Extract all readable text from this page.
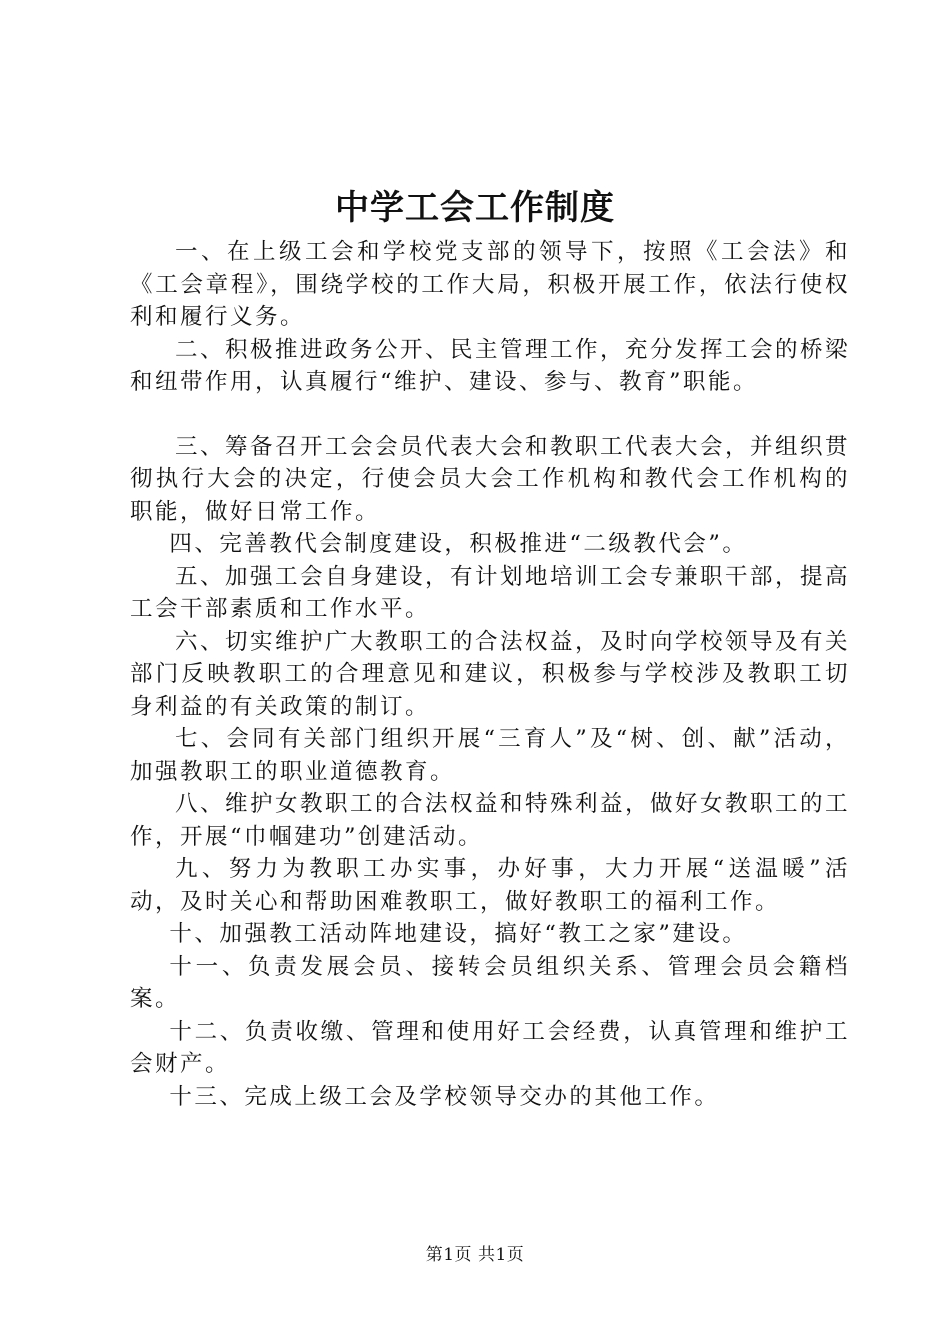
中学工会工作制度

一、在上级工会和学校党支部的领导下，按照《工会法》和《工会章程》，围绕学校的工作大局，积极开展工作，依法行使权利和履行义务。

二、积极推进政务公开、民主管理工作，充分发挥工会的桥梁和纽带作用，认真履行“维护、建设、参与、教育”职能。

三、筹备召开工会会员代表大会和教职工代表大会，并组织贯彻执行大会的决定，行使会员大会工作机构和教代会工作机构的职能，做好日常工作。

四、完善教代会制度建设，积极推进“二级教代会”。

五、加强工会自身建设，有计划地培训工会专兼职干部，提高工会干部素质和工作水平。

六、切实维护广大教职工的合法权益，及时向学校领导及有关部门反映教职工的合理意见和建议，积极参与学校涉及教职工切身利益的有关政策的制订。

七、会同有关部门组织开展“三育人”及“树、创、献”活动，加强教职工的职业道德教育。

八、维护女教职工的合法权益和特殊利益，做好女教职工的工作，开展“巾帼建功”创建活动。

九、努力为教职工办实事，办好事，大力开展“送温暖”活动，及时关心和帮助困难教职工，做好教职工的福利工作。

十、加强教工活动阵地建设，搞好“教工之家”建设。

十一、负责发展会员、接转会员组织关系、管理会员会籍档案。

十二、负责收缴、管理和使用好工会经费，认真管理和维护工会财产。

十三、完成上级工会及学校领导交办的其他工作。

第1页 共1页
